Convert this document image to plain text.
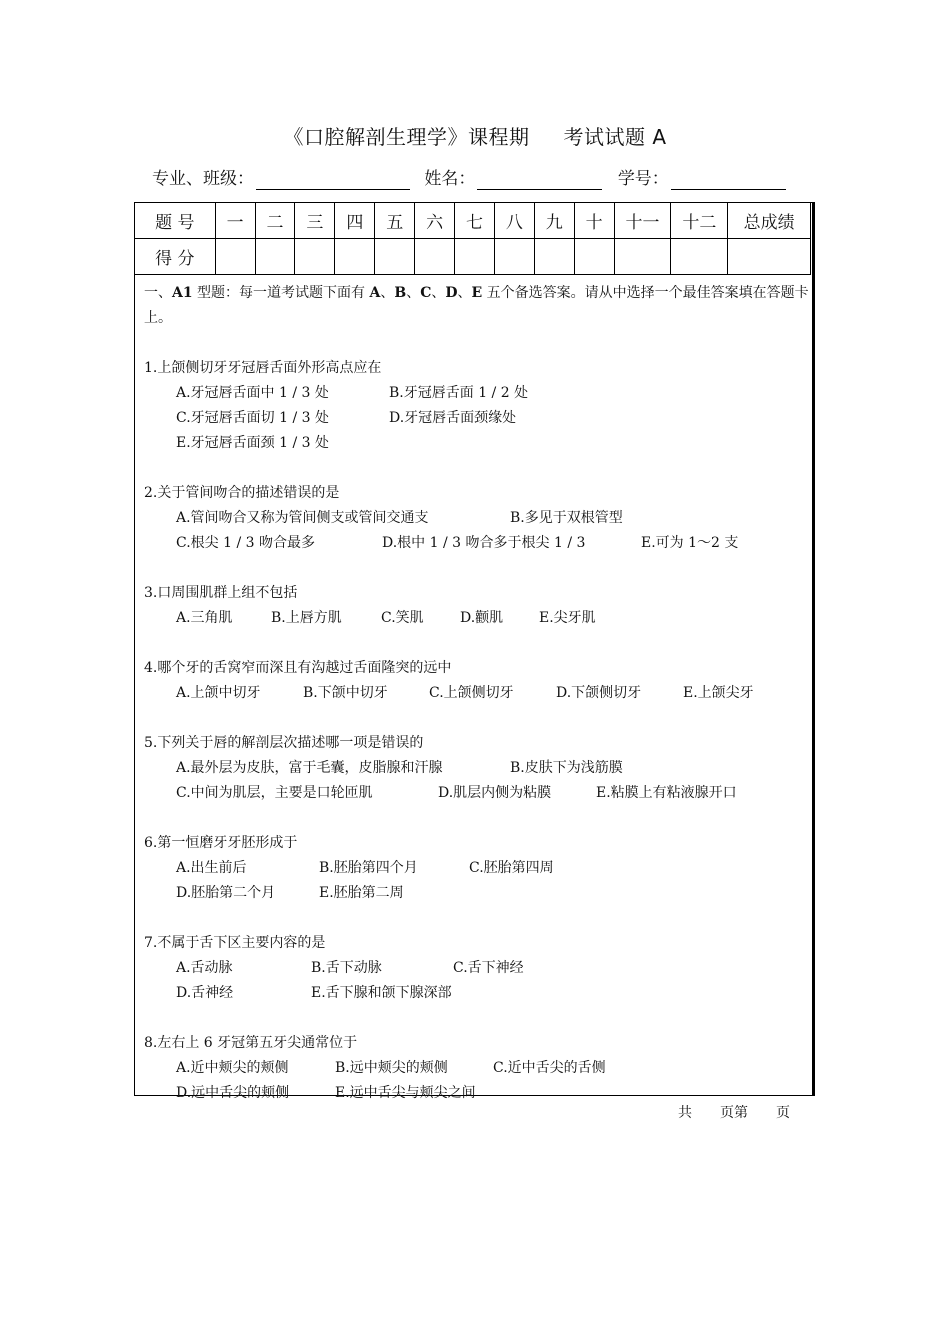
《口腔解剖生理学》课程期 考试试题 A
专业、班级：	姓名：	学号：
题 号	一	二	三	四	五	六	七	八	九	十	十一	十二	总成绩
得 分													

一、A1 型题：每一道考试题下面有 A、B、C、D、E 五个备选答案。请从中选择一个最佳答案填在答题卡上。

1.上颌侧切牙牙冠唇舌面外形高点应在

A.牙冠唇舌面中 1 / 3 处	B.牙冠唇舌面 1 / 2 处

C.牙冠唇舌面切 1 / 3 处	D.牙冠唇舌面颈缘处

E.牙冠唇舌面颈 1 / 3 处

2.关于管间吻合的描述错误的是

A.管间吻合又称为管间侧支或管间交通支	B.多见于双根管型

C.根尖 1 / 3 吻合最多	D.根中 1 / 3 吻合多于根尖 1 / 3	E.可为 1～2 支

3.口周围肌群上组不包括

A.三角肌	B.上唇方肌	C.笑肌	D.颧肌	E.尖牙肌

4.哪个牙的舌窝窄而深且有沟越过舌面隆突的远中

A.上颌中切牙	B.下颌中切牙	C.上颌侧切牙	D.下颌侧切牙	E.上颌尖牙

5.下列关于唇的解剖层次描述哪一项是错误的

A.最外层为皮肤，富于毛囊，皮脂腺和汗腺	B.皮肤下为浅筋膜

C.中间为肌层，主要是口轮匝肌	D.肌层内侧为粘膜	E.粘膜上有粘液腺开口

6.第一恒磨牙牙胚形成于

A.出生前后	B.胚胎第四个月	C.胚胎第四周

D.胚胎第二个月	E.胚胎第二周

7.不属于舌下区主要内容的是

A.舌动脉	B.舌下动脉	C.舌下神经

D.舌神经	E.舌下腺和颌下腺深部

8.左右上 6 牙冠第五牙尖通常位于

A.近中颊尖的颊侧	B.远中颊尖的颊侧	C.近中舌尖的舌侧

D.远中舌尖的颊侧	E.远中舌尖与颊尖之间

共　　页第　　页
